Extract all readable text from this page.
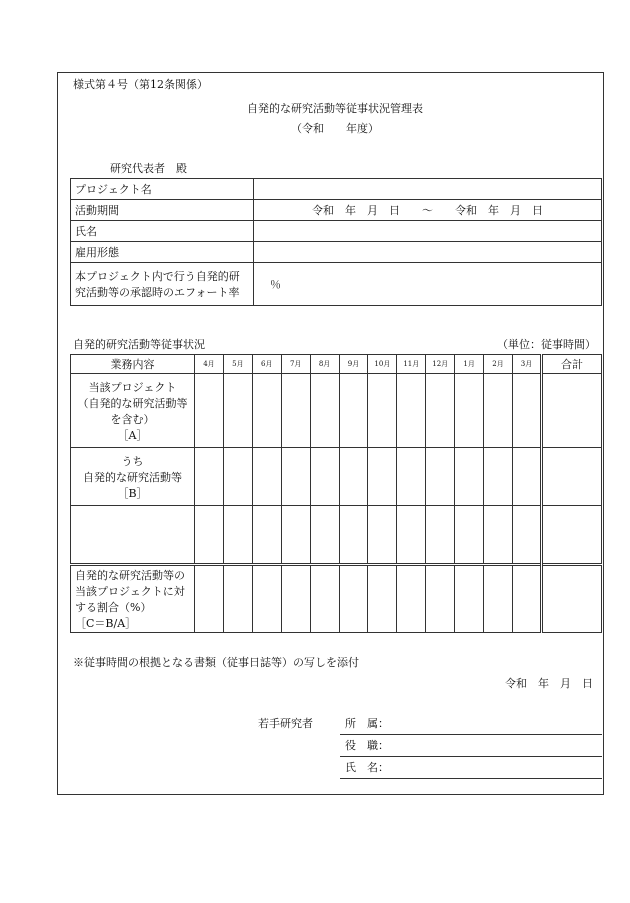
様式第４号（第12条関係）
自発的な研究活動等従事状況管理表
（令和　　年度）
研究代表者　殿
プロジェクト名	
活動期間	令和　年　月　日　　〜　　令和　年　月　日
氏名	
雇用形態	

本プロジェクト内で行う自発的研
究活動等の承認時のエフォート率	％
自発的研究活動等従事状況	（単位：従事時間）
業務内容	4月	5月	6月	7月	8月	9月	10月	11月	12月	1月	2月	3月	合計

当該プロジェクト
（自発的な研究活動等
を含む）
［A］													

うち
自発的な研究活動等
［B］													

自発的な研究活動等の
当該プロジェクトに対
する割合（%）
［C＝B/A］													

※従事時間の根拠となる書類（従事日誌等）の写しを添付
令和　年　月　日
若手研究者	所　属：
役　職：
氏　名：
